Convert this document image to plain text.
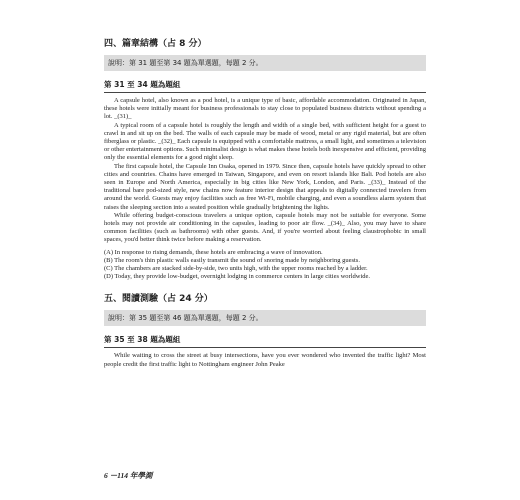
四、篇章結構（占 8 分）
說明：第 31 題至第 34 題為單選題，每題 2 分。
第 31 至 34 題為題組

A capsule hotel, also known as a pod hotel, is a unique type of basic, affordable accommodation. Originated in Japan, these hotels were initially meant for business professionals to stay close to populated business districts without spending a lot. _(31)_

A typical room of a capsule hotel is roughly the length and width of a single bed, with sufficient height for a guest to crawl in and sit up on the bed. The walls of each capsule may be made of wood, metal or any rigid material, but are often fiberglass or plastic. _(32)_ Each capsule is equipped with a comfortable mattress, a small light, and sometimes a television or other entertainment options. Such minimalist design is what makes these hotels both inexpensive and efficient, providing only the essential elements for a good night sleep.

The first capsule hotel, the Capsule Inn Osaka, opened in 1979. Since then, capsule hotels have quickly spread to other cities and countries. Chains have emerged in Taiwan, Singapore, and even on resort islands like Bali. Pod hotels are also seen in Europe and North America, especially in big cities like New York, London, and Paris. _(33)_ Instead of the traditional bare pod-sized style, new chains now feature interior design that appeals to digitally connected travelers from around the world. Guests may enjoy facilities such as free Wi-Fi, mobile charging, and even a soundless alarm system that raises the sleeping section into a seated position while gradually brightening the lights.

While offering budget-conscious travelers a unique option, capsule hotels may not be suitable for everyone. Some hotels may not provide air conditioning in the capsules, leading to poor air flow. _(34)_ Also, you may have to share common facilities (such as bathrooms) with other guests. And, if you're worried about feeling claustrophobic in small spaces, you'd better think twice before making a reservation.

(A) In response to rising demands, these hotels are embracing a wave of innovation.
(B) The room's thin plastic walls easily transmit the sound of snoring made by neighboring guests.
(C) The chambers are stacked side-by-side, two units high, with the upper rooms reached by a ladder.
(D) Today, they provide low-budget, overnight lodging in commerce centers in large cities worldwide.
五、閱讀測驗（占 24 分）
說明：第 35 題至第 46 題為單選題，每題 2 分。
第 35 至 38 題為題組

While waiting to cross the street at busy intersections, have you ever wondered who invented the traffic light? Most people credit the first traffic light to Nottingham engineer John Peake

6 －114 年學測
